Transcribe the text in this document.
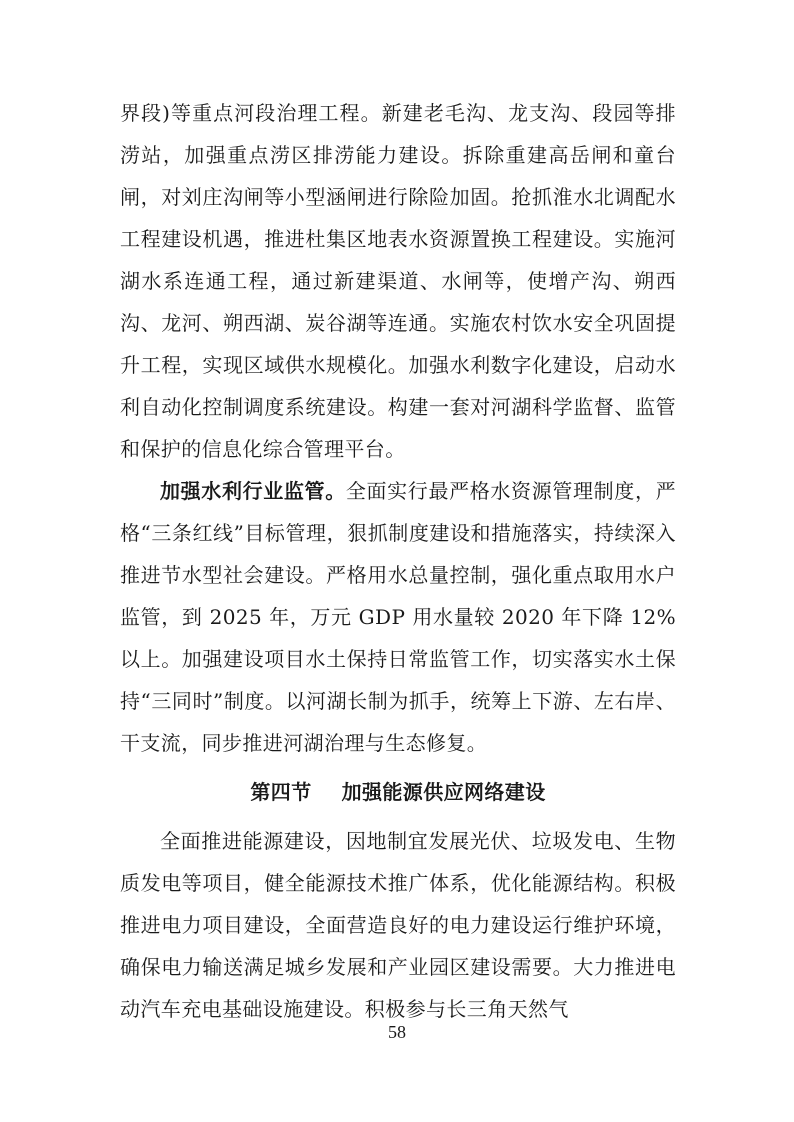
界段)等重点河段治理工程。新建老毛沟、龙支沟、段园等排涝站，加强重点涝区排涝能力建设。拆除重建高岳闸和童台闸，对刘庄沟闸等小型涵闸进行除险加固。抢抓淮水北调配水工程建设机遇，推进杜集区地表水资源置换工程建设。实施河湖水系连通工程，通过新建渠道、水闸等，使增产沟、朔西沟、龙河、朔西湖、炭谷湖等连通。实施农村饮水安全巩固提升工程，实现区域供水规模化。加强水利数字化建设，启动水利自动化控制调度系统建设。构建一套对河湖科学监督、监管和保护的信息化综合管理平台。

加强水利行业监管。全面实行最严格水资源管理制度，严格“三条红线”目标管理，狠抓制度建设和措施落实，持续深入推进节水型社会建设。严格用水总量控制，强化重点取用水户监管，到 2025 年，万元 GDP 用水量较 2020 年下降 12%以上。加强建设项目水土保持日常监管工作，切实落实水土保持“三同时”制度。以河湖长制为抓手，统筹上下游、左右岸、干支流，同步推进河湖治理与生态修复。

第四节 加强能源供应网络建设

全面推进能源建设，因地制宜发展光伏、垃圾发电、生物质发电等项目，健全能源技术推广体系，优化能源结构。积极推进电力项目建设，全面营造良好的电力建设运行维护环境，确保电力输送满足城乡发展和产业园区建设需要。大力推进电动汽车充电基础设施建设。积极参与长三角天然气

58
